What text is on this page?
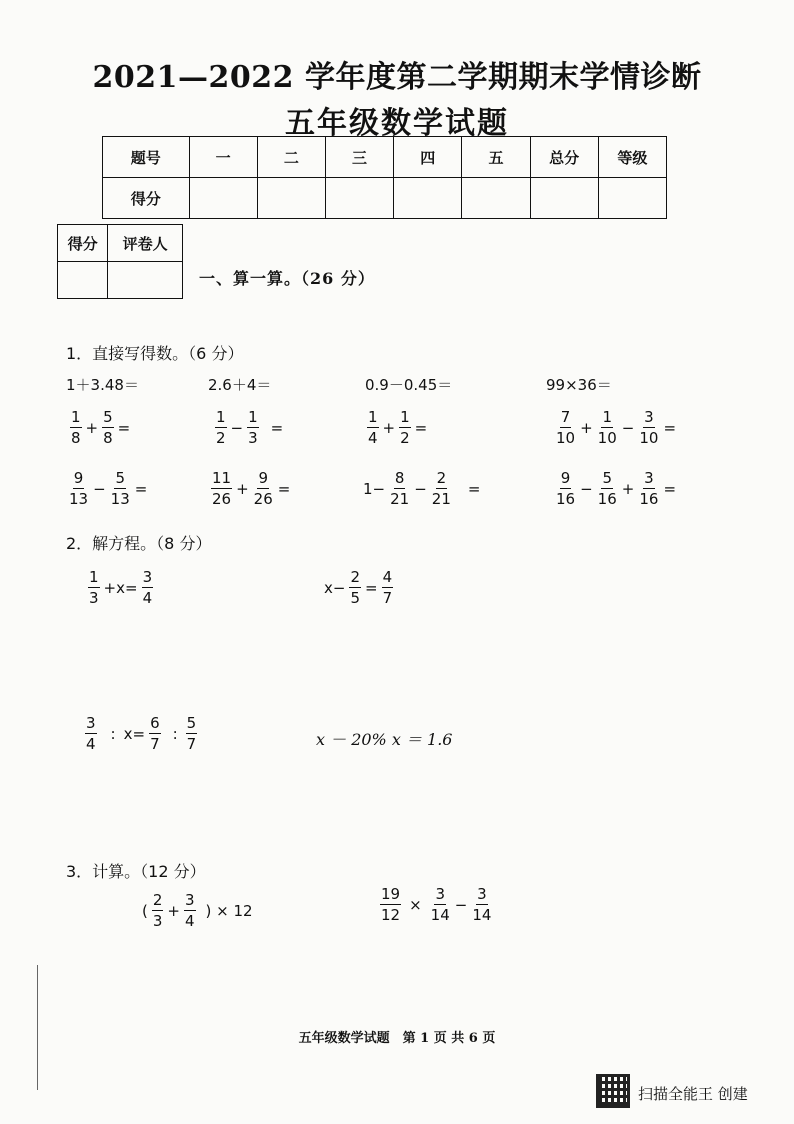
2021—2022 学年度第二学期期末学情诊断
五年级数学试题
题号	一	二	三	四	五	总分	等级
得分							
得分	评卷人

一、算一算。（26 分）
1．直接写得数。（6 分）
1＋3.48＝	2.6＋4＝	0.9－0.45＝	99×36＝
$\frac{1}{8} + \frac{5}{8}$ =	$\frac{1}{2} - \frac{1}{3}$ =	$\frac{1}{4} + \frac{1}{2}$ =	$\frac{7}{10} + \frac{1}{10} - \frac{3}{10}$ =
$\frac{9}{13} - \frac{5}{13}$ =	$\frac{11}{26} + \frac{9}{26}$ =	$1- \frac{8}{21} - \frac{2}{21}$ =	$\frac{9}{16} - \frac{5}{16} + \frac{3}{16}$ =
2．解方程。（8 分）
$\frac{1}{3} +x= \frac{3}{4}$	$x- \frac{2}{5} = \frac{4}{7}$
$\frac{3}{4}$ : $x= \frac{6}{7}$ : $\frac{5}{7}$	x － 20% x ＝ 1.6
3．计算。（12 分）
( $\frac{2}{3} + \frac{3}{4}$ ) × 12	$\frac{19}{12} \times \frac{3}{14} - \frac{3}{14}$
五年级数学试题　第 1 页 共 6 页
扫描全能王 创建
